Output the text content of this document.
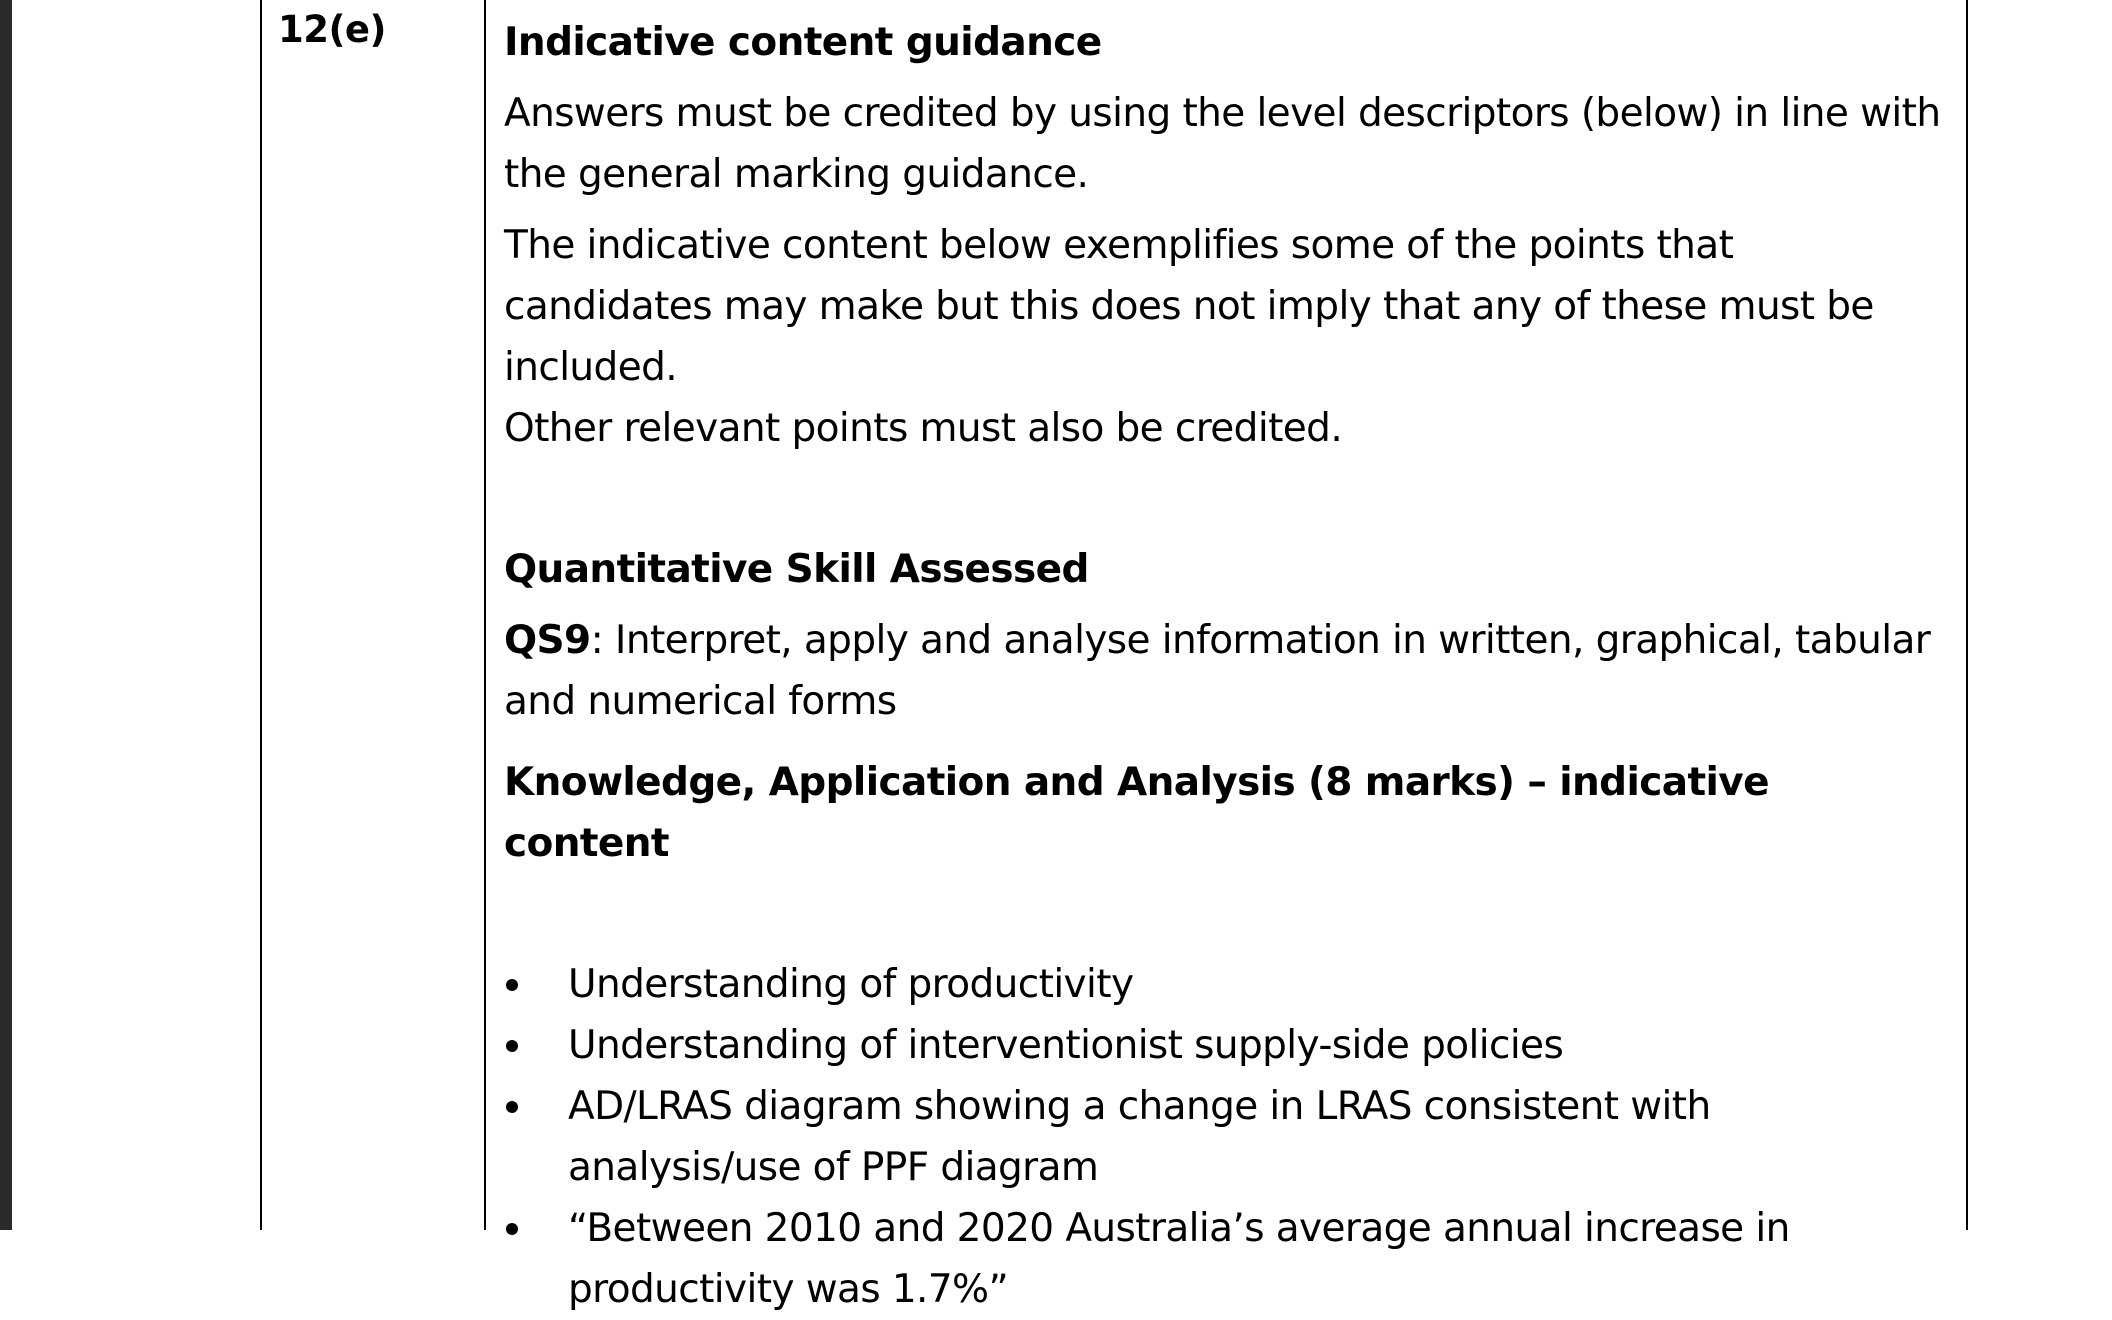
12(e)	Indicative content guidance

Answers must be credited by using the level descriptors (below) in line with the general marking guidance.

The indicative content below exemplifies some of the points that candidates may make but this does not imply that any of these must be included.

Other relevant points must also be credited.

Quantitative Skill Assessed

QS9: Interpret, apply and analyse information in written, graphical, tabular and numerical forms

Knowledge, Application and Analysis (8 marks) – indicative content

Understanding of productivity
Understanding of interventionist supply-side policies
AD/LRAS diagram showing a change in LRAS consistent with analysis/use of PPF diagram
“Between 2010 and 2020 Australia’s average annual increase in productivity was 1.7%”
